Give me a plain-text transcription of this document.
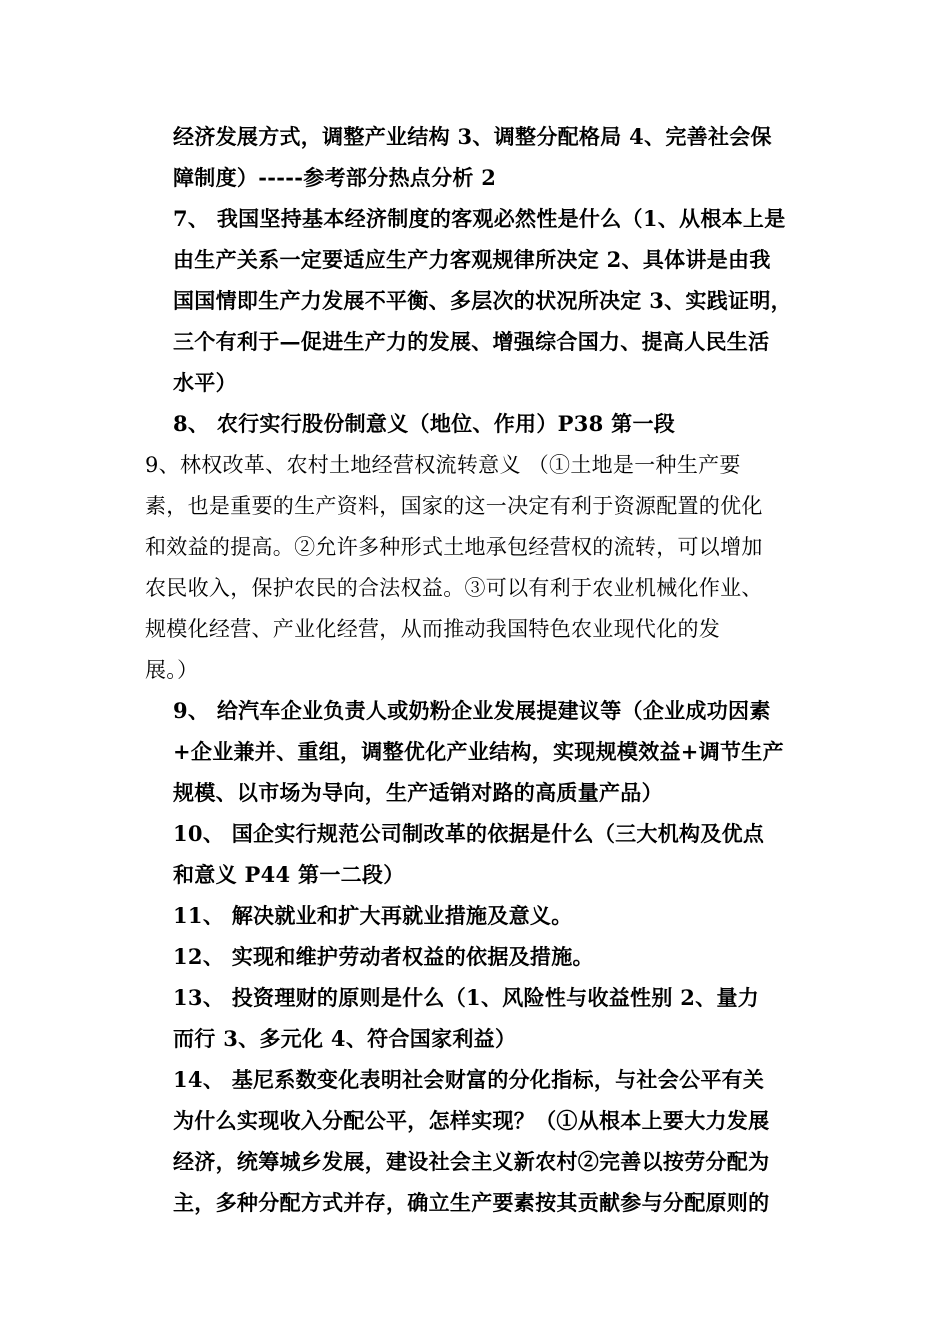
经济发展方式，调整产业结构 3、调整分配格局 4、完善社会保
障制度）-----参考部分热点分析 2
7、 我国坚持基本经济制度的客观必然性是什么（1、从根本上是
由生产关系一定要适应生产力客观规律所决定 2、具体讲是由我
国国情即生产力发展不平衡、多层次的状况所决定 3、实践证明，
三个有利于—促进生产力的发展、增强综合国力、提高人民生活
水平）
8、 农行实行股份制意义（地位、作用）P38 第一段
9、林权改革、农村土地经营权流转意义 （①土地是一种生产要
素，也是重要的生产资料，国家的这一决定有利于资源配置的优化
和效益的提高。②允许多种形式土地承包经营权的流转，可以增加
农民收入，保护农民的合法权益。③可以有利于农业机械化作业、
规模化经营、产业化经营，从而推动我国特色农业现代化的发
展。）
9、 给汽车企业负责人或奶粉企业发展提建议等（企业成功因素
+企业兼并、重组，调整优化产业结构，实现规模效益+调节生产
规模、以市场为导向，生产适销对路的高质量产品）
10、 国企实行规范公司制改革的依据是什么（三大机构及优点
和意义 P44 第一二段）
11、 解决就业和扩大再就业措施及意义。
12、 实现和维护劳动者权益的依据及措施。
13、 投资理财的原则是什么（1、风险性与收益性别 2、量力
而行 3、多元化 4、符合国家利益）
14、 基尼系数变化表明社会财富的分化指标，与社会公平有关
为什么实现收入分配公平，怎样实现？（①从根本上要大力发展
经济，统筹城乡发展，建设社会主义新农村②完善以按劳分配为
主，多种分配方式并存，确立生产要素按其贡献参与分配原则的
